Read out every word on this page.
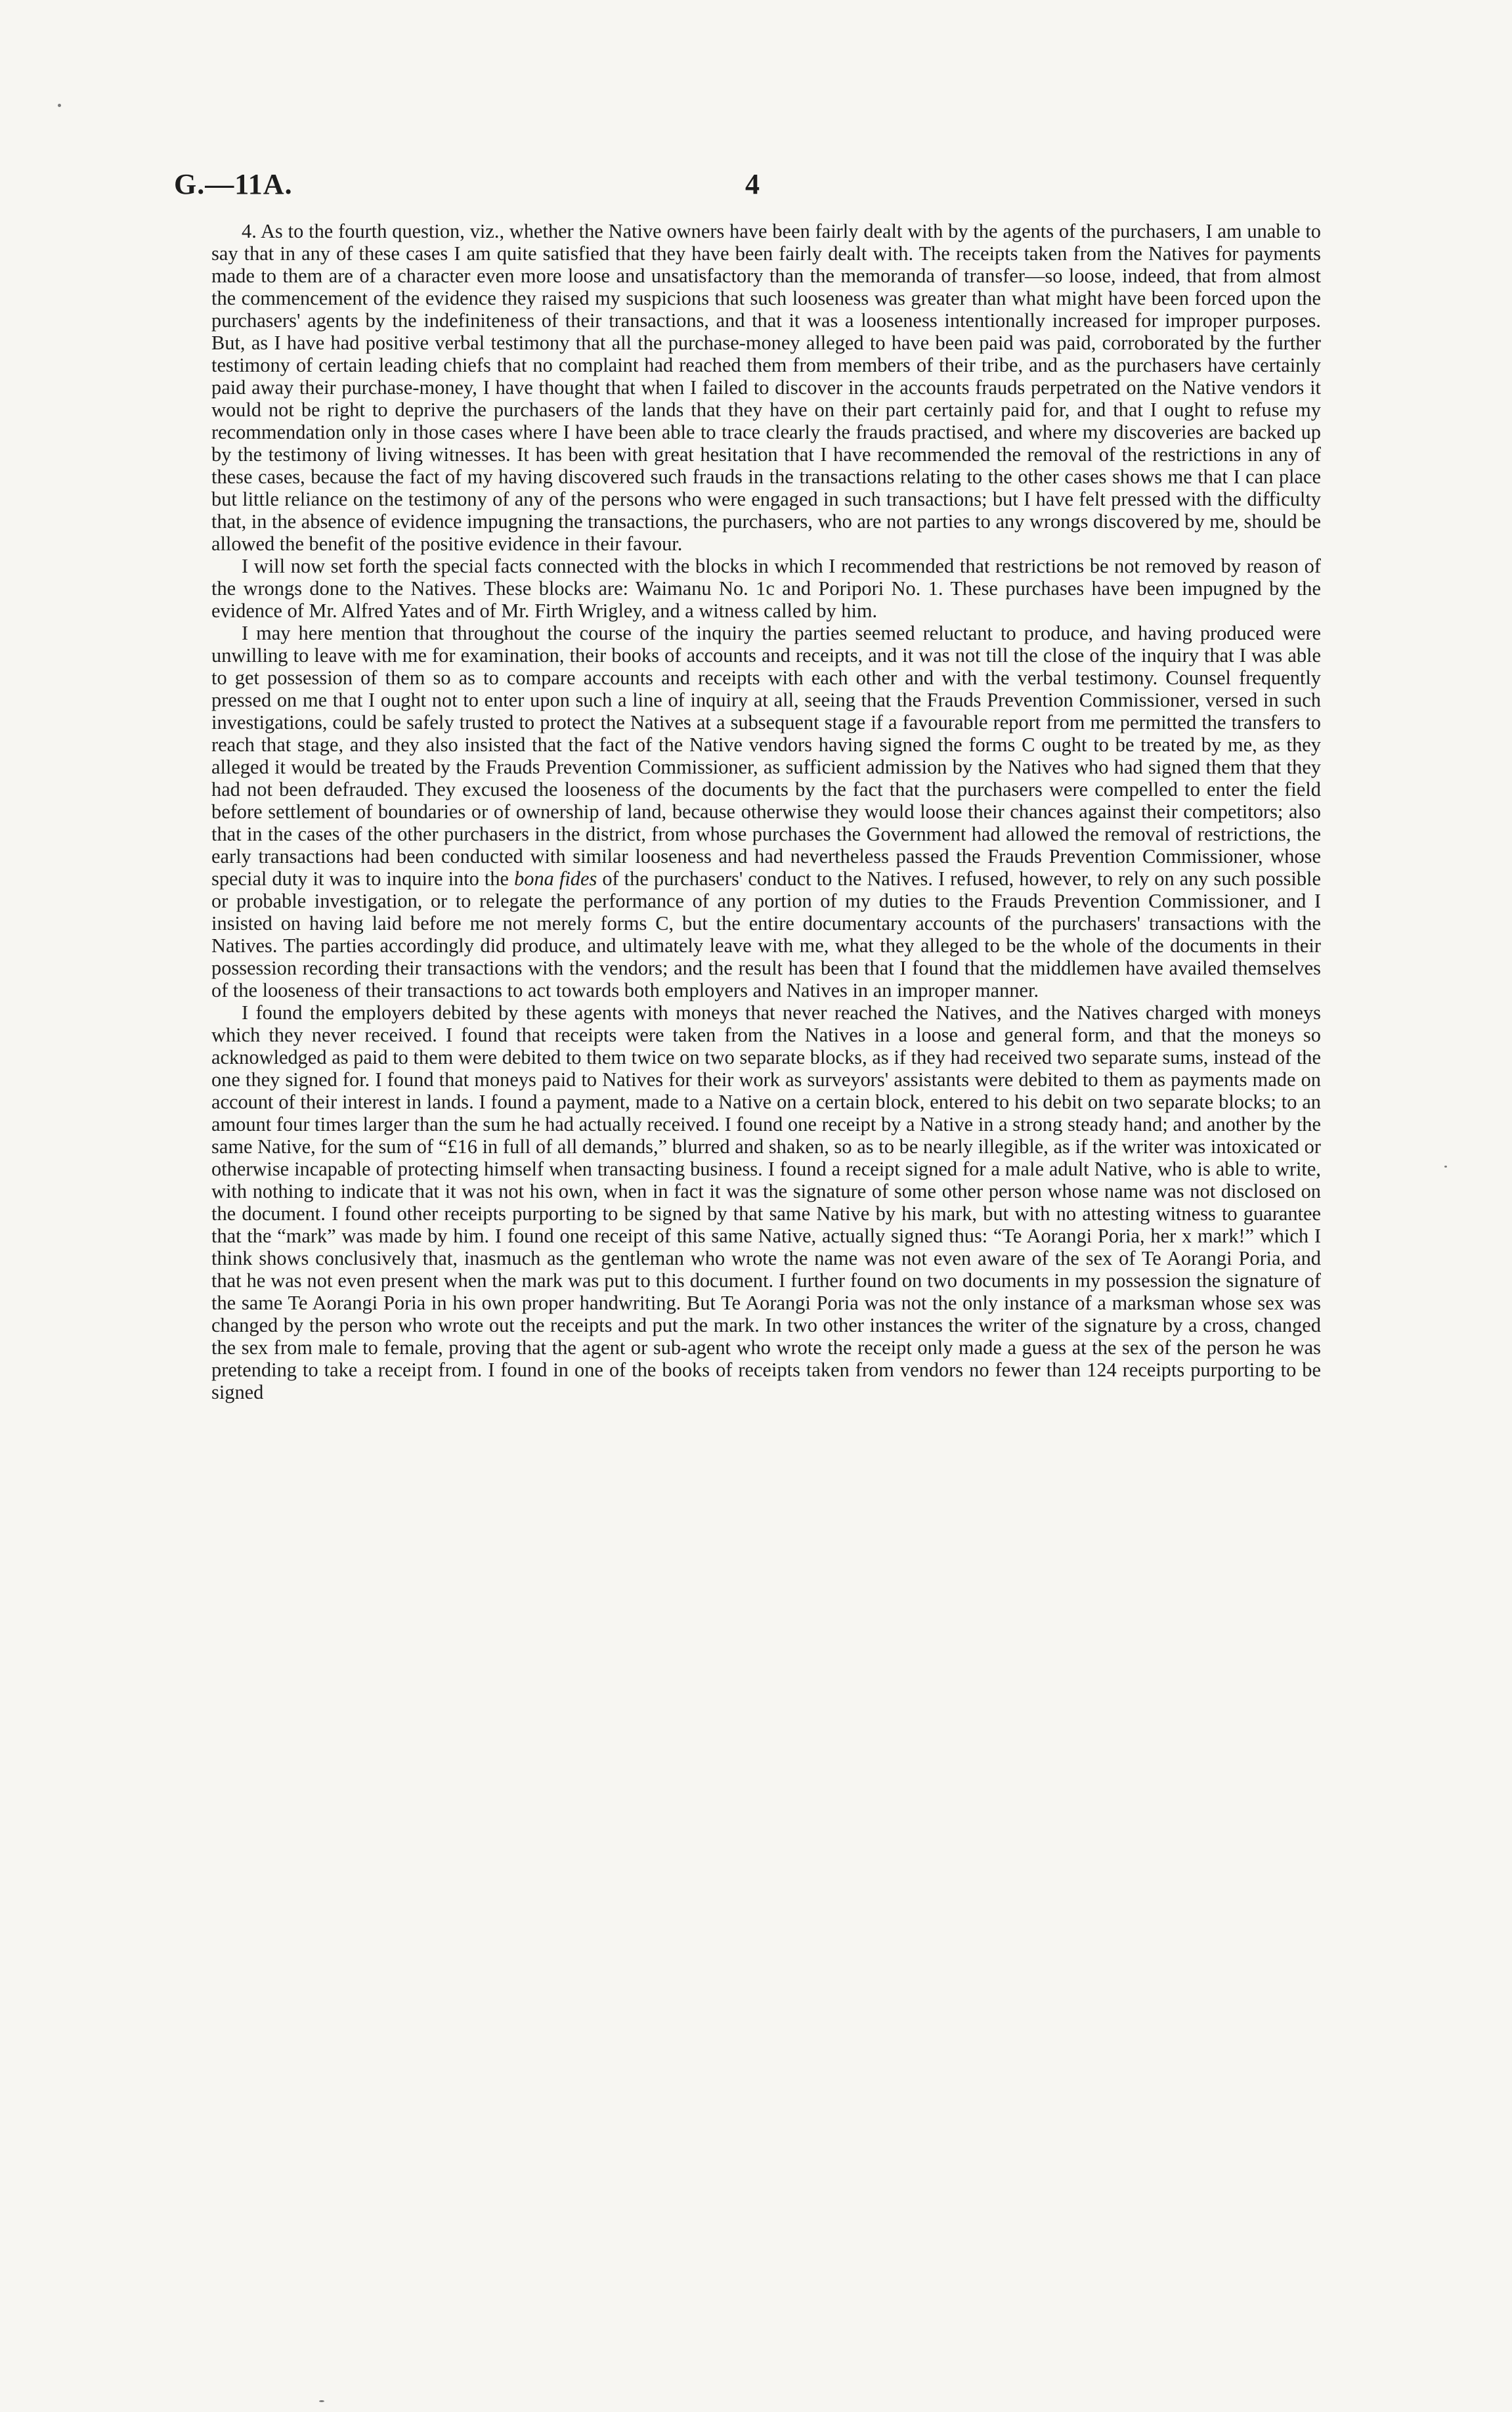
G.—11A.	4

4. As to the fourth question, viz., whether the Native owners have been fairly dealt with by the agents of the purchasers, I am unable to say that in any of these cases I am quite satisfied that they have been fairly dealt with. The receipts taken from the Natives for payments made to them are of a character even more loose and unsatisfactory than the memoranda of transfer—so loose, indeed, that from almost the commencement of the evidence they raised my suspicions that such looseness was greater than what might have been forced upon the purchasers' agents by the indefiniteness of their transactions, and that it was a looseness intentionally increased for improper purposes. But, as I have had positive verbal testimony that all the purchase-money alleged to have been paid was paid, corroborated by the further testimony of certain leading chiefs that no complaint had reached them from members of their tribe, and as the purchasers have certainly paid away their purchase-money, I have thought that when I failed to discover in the accounts frauds perpetrated on the Native vendors it would not be right to deprive the purchasers of the lands that they have on their part certainly paid for, and that I ought to refuse my recommendation only in those cases where I have been able to trace clearly the frauds practised, and where my discoveries are backed up by the testimony of living witnesses. It has been with great hesitation that I have recommended the removal of the restrictions in any of these cases, because the fact of my having discovered such frauds in the transactions relating to the other cases shows me that I can place but little reliance on the testimony of any of the persons who were engaged in such transactions; but I have felt pressed with the difficulty that, in the absence of evidence impugning the transactions, the purchasers, who are not parties to any wrongs discovered by me, should be allowed the benefit of the positive evidence in their favour.

I will now set forth the special facts connected with the blocks in which I recommended that restrictions be not removed by reason of the wrongs done to the Natives. These blocks are: Waimanu No. 1c and Poripori No. 1. These purchases have been impugned by the evidence of Mr. Alfred Yates and of Mr. Firth Wrigley, and a witness called by him.

I may here mention that throughout the course of the inquiry the parties seemed reluctant to produce, and having produced were unwilling to leave with me for examination, their books of accounts and receipts, and it was not till the close of the inquiry that I was able to get possession of them so as to compare accounts and receipts with each other and with the verbal testimony. Counsel frequently pressed on me that I ought not to enter upon such a line of inquiry at all, seeing that the Frauds Prevention Commissioner, versed in such investigations, could be safely trusted to protect the Natives at a subsequent stage if a favourable report from me permitted the transfers to reach that stage, and they also insisted that the fact of the Native vendors having signed the forms C ought to be treated by me, as they alleged it would be treated by the Frauds Prevention Commissioner, as sufficient admission by the Natives who had signed them that they had not been defrauded. They excused the looseness of the documents by the fact that the purchasers were compelled to enter the field before settlement of boundaries or of ownership of land, because otherwise they would loose their chances against their competitors; also that in the cases of the other purchasers in the district, from whose purchases the Government had allowed the removal of restrictions, the early transactions had been conducted with similar looseness and had nevertheless passed the Frauds Prevention Commissioner, whose special duty it was to inquire into the bona fides of the purchasers' conduct to the Natives. I refused, however, to rely on any such possible or probable investigation, or to relegate the performance of any portion of my duties to the Frauds Prevention Commissioner, and I insisted on having laid before me not merely forms C, but the entire documentary accounts of the purchasers' transactions with the Natives. The parties accordingly did produce, and ultimately leave with me, what they alleged to be the whole of the documents in their possession recording their transactions with the vendors; and the result has been that I found that the middlemen have availed themselves of the looseness of their transactions to act towards both employers and Natives in an improper manner.

I found the employers debited by these agents with moneys that never reached the Natives, and the Natives charged with moneys which they never received. I found that receipts were taken from the Natives in a loose and general form, and that the moneys so acknowledged as paid to them were debited to them twice on two separate blocks, as if they had received two separate sums, instead of the one they signed for. I found that moneys paid to Natives for their work as surveyors' assistants were debited to them as payments made on account of their interest in lands. I found a payment, made to a Native on a certain block, entered to his debit on two separate blocks; to an amount four times larger than the sum he had actually received. I found one receipt by a Native in a strong steady hand; and another by the same Native, for the sum of “£16 in full of all demands,” blurred and shaken, so as to be nearly illegible, as if the writer was intoxicated or otherwise incapable of protecting himself when transacting business. I found a receipt signed for a male adult Native, who is able to write, with nothing to indicate that it was not his own, when in fact it was the signature of some other person whose name was not disclosed on the document. I found other receipts purporting to be signed by that same Native by his mark, but with no attesting witness to guarantee that the “mark” was made by him. I found one receipt of this same Native, actually signed thus: “Te Aorangi Poria, her x mark!” which I think shows conclusively that, inasmuch as the gentleman who wrote the name was not even aware of the sex of Te Aorangi Poria, and that he was not even present when the mark was put to this document. I further found on two documents in my possession the signature of the same Te Aorangi Poria in his own proper handwriting. But Te Aorangi Poria was not the only instance of a marksman whose sex was changed by the person who wrote out the receipts and put the mark. In two other instances the writer of the signature by a cross, changed the sex from male to female, proving that the agent or sub-agent who wrote the receipt only made a guess at the sex of the person he was pretending to take a receipt from. I found in one of the books of receipts taken from vendors no fewer than 124 receipts purporting to be signed
